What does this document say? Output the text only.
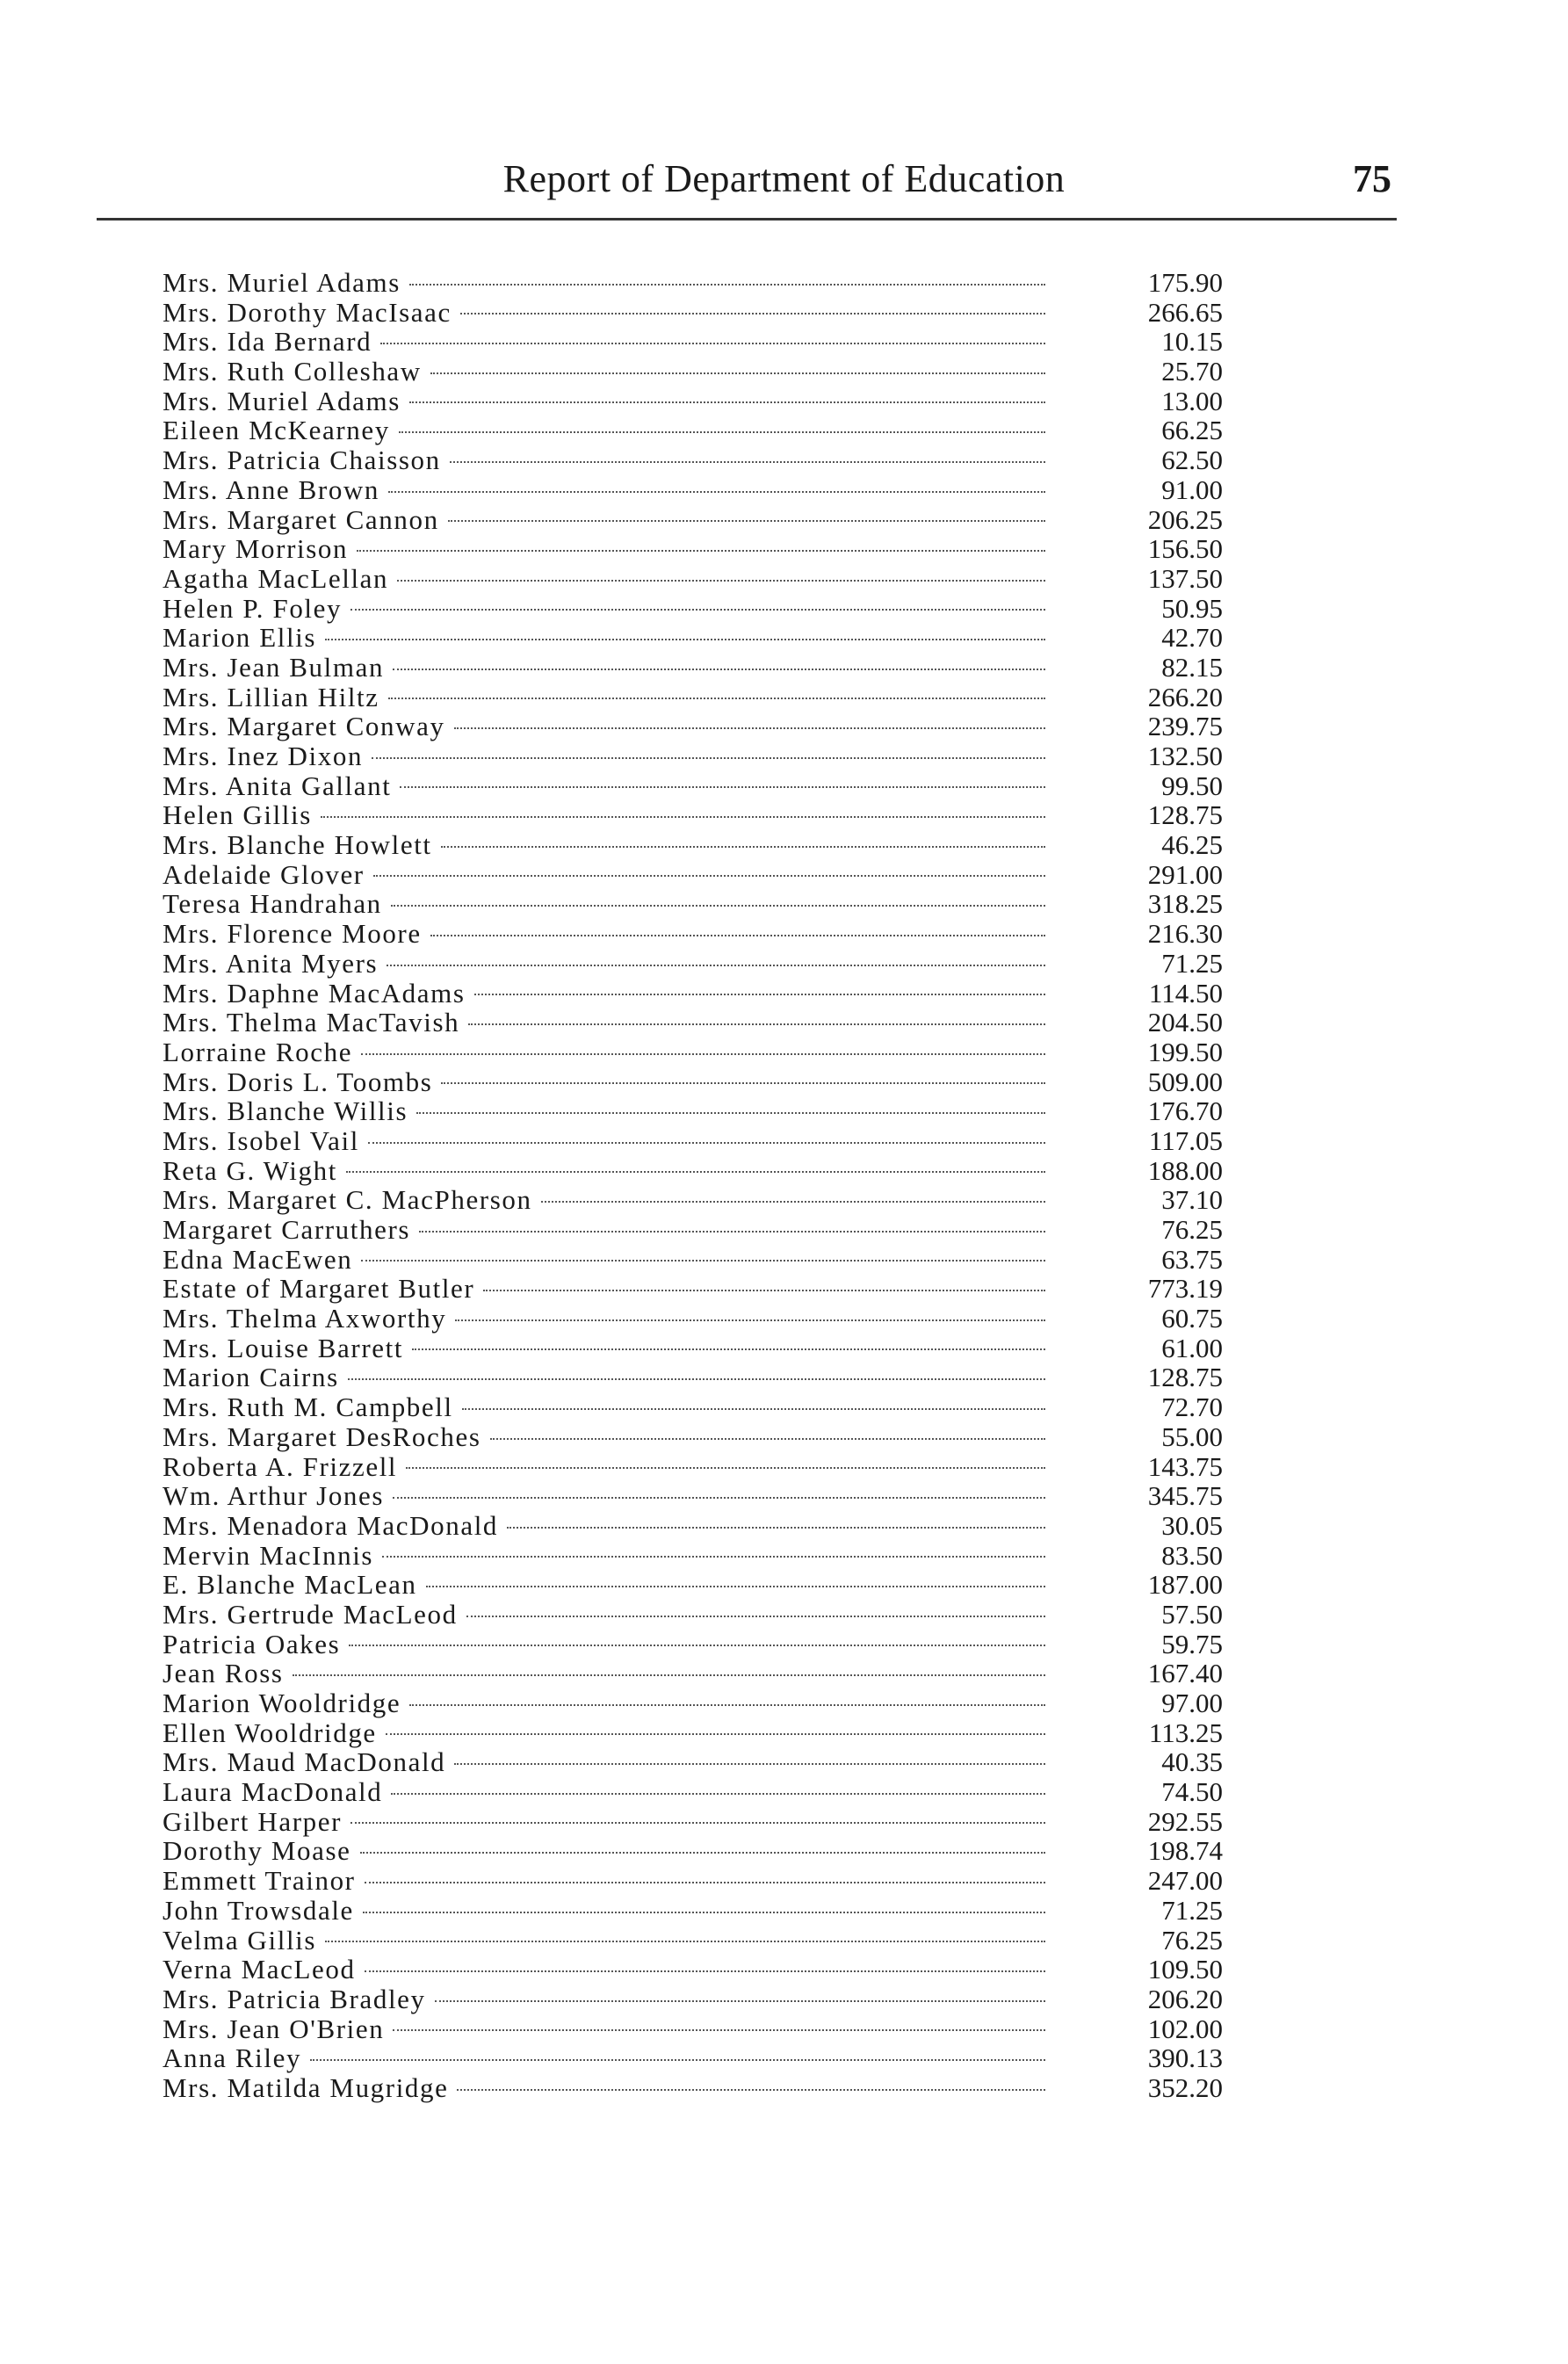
Report of Department of Education	75
Mrs. Muriel Adams	175.90
Mrs. Dorothy MacIsaac	266.65
Mrs. Ida Bernard	10.15
Mrs. Ruth Colleshaw	25.70
Mrs. Muriel Adams	13.00
Eileen McKearney	66.25
Mrs. Patricia Chaisson	62.50
Mrs. Anne Brown	91.00
Mrs. Margaret Cannon	206.25
Mary Morrison	156.50
Agatha MacLellan	137.50
Helen P. Foley	50.95
Marion Ellis	42.70
Mrs. Jean Bulman	82.15
Mrs. Lillian Hiltz	266.20
Mrs. Margaret Conway	239.75
Mrs. Inez Dixon	132.50
Mrs. Anita Gallant	99.50
Helen Gillis	128.75
Mrs. Blanche Howlett	46.25
Adelaide Glover	291.00
Teresa Handrahan	318.25
Mrs. Florence Moore	216.30
Mrs. Anita Myers	71.25
Mrs. Daphne MacAdams	114.50
Mrs. Thelma MacTavish	204.50
Lorraine Roche	199.50
Mrs. Doris L. Toombs	509.00
Mrs. Blanche Willis	176.70
Mrs. Isobel Vail	117.05
Reta G. Wight	188.00
Mrs. Margaret C. MacPherson	37.10
Margaret Carruthers	76.25
Edna MacEwen	63.75
Estate of Margaret Butler	773.19
Mrs. Thelma Axworthy	60.75
Mrs. Louise Barrett	61.00
Marion Cairns	128.75
Mrs. Ruth M. Campbell	72.70
Mrs. Margaret DesRoches	55.00
Roberta A. Frizzell	143.75
Wm. Arthur Jones	345.75
Mrs. Menadora MacDonald	30.05
Mervin MacInnis	83.50
E. Blanche MacLean	187.00
Mrs. Gertrude MacLeod	57.50
Patricia Oakes	59.75
Jean Ross	167.40
Marion Wooldridge	97.00
Ellen Wooldridge	113.25
Mrs. Maud MacDonald	40.35
Laura MacDonald	74.50
Gilbert Harper	292.55
Dorothy Moase	198.74
Emmett Trainor	247.00
John Trowsdale	71.25
Velma Gillis	76.25
Verna MacLeod	109.50
Mrs. Patricia Bradley	206.20
Mrs. Jean O'Brien	102.00
Anna Riley	390.13
Mrs. Matilda Mugridge	352.20
